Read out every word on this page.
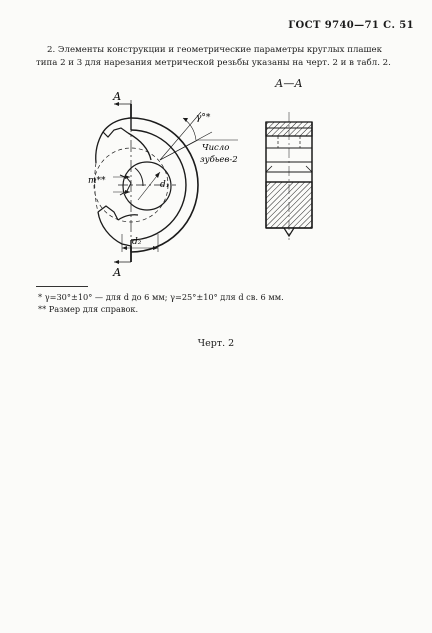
ГОСТ 9740—71 С. 51
2. Элементы конструкции и геометрические параметры круглых плашек
типа 2 и 3 для нарезания метрической резьбы указаны на черт. 2 и в табл. 2.
А—А
А
А
γ°*
Число
зубьев-2
m**	d₁
d₂
* γ=30°±10° — для d до 6 мм; γ=25°±10° для d св. 6 мм.
** Размер для справок.
Черт. 2
